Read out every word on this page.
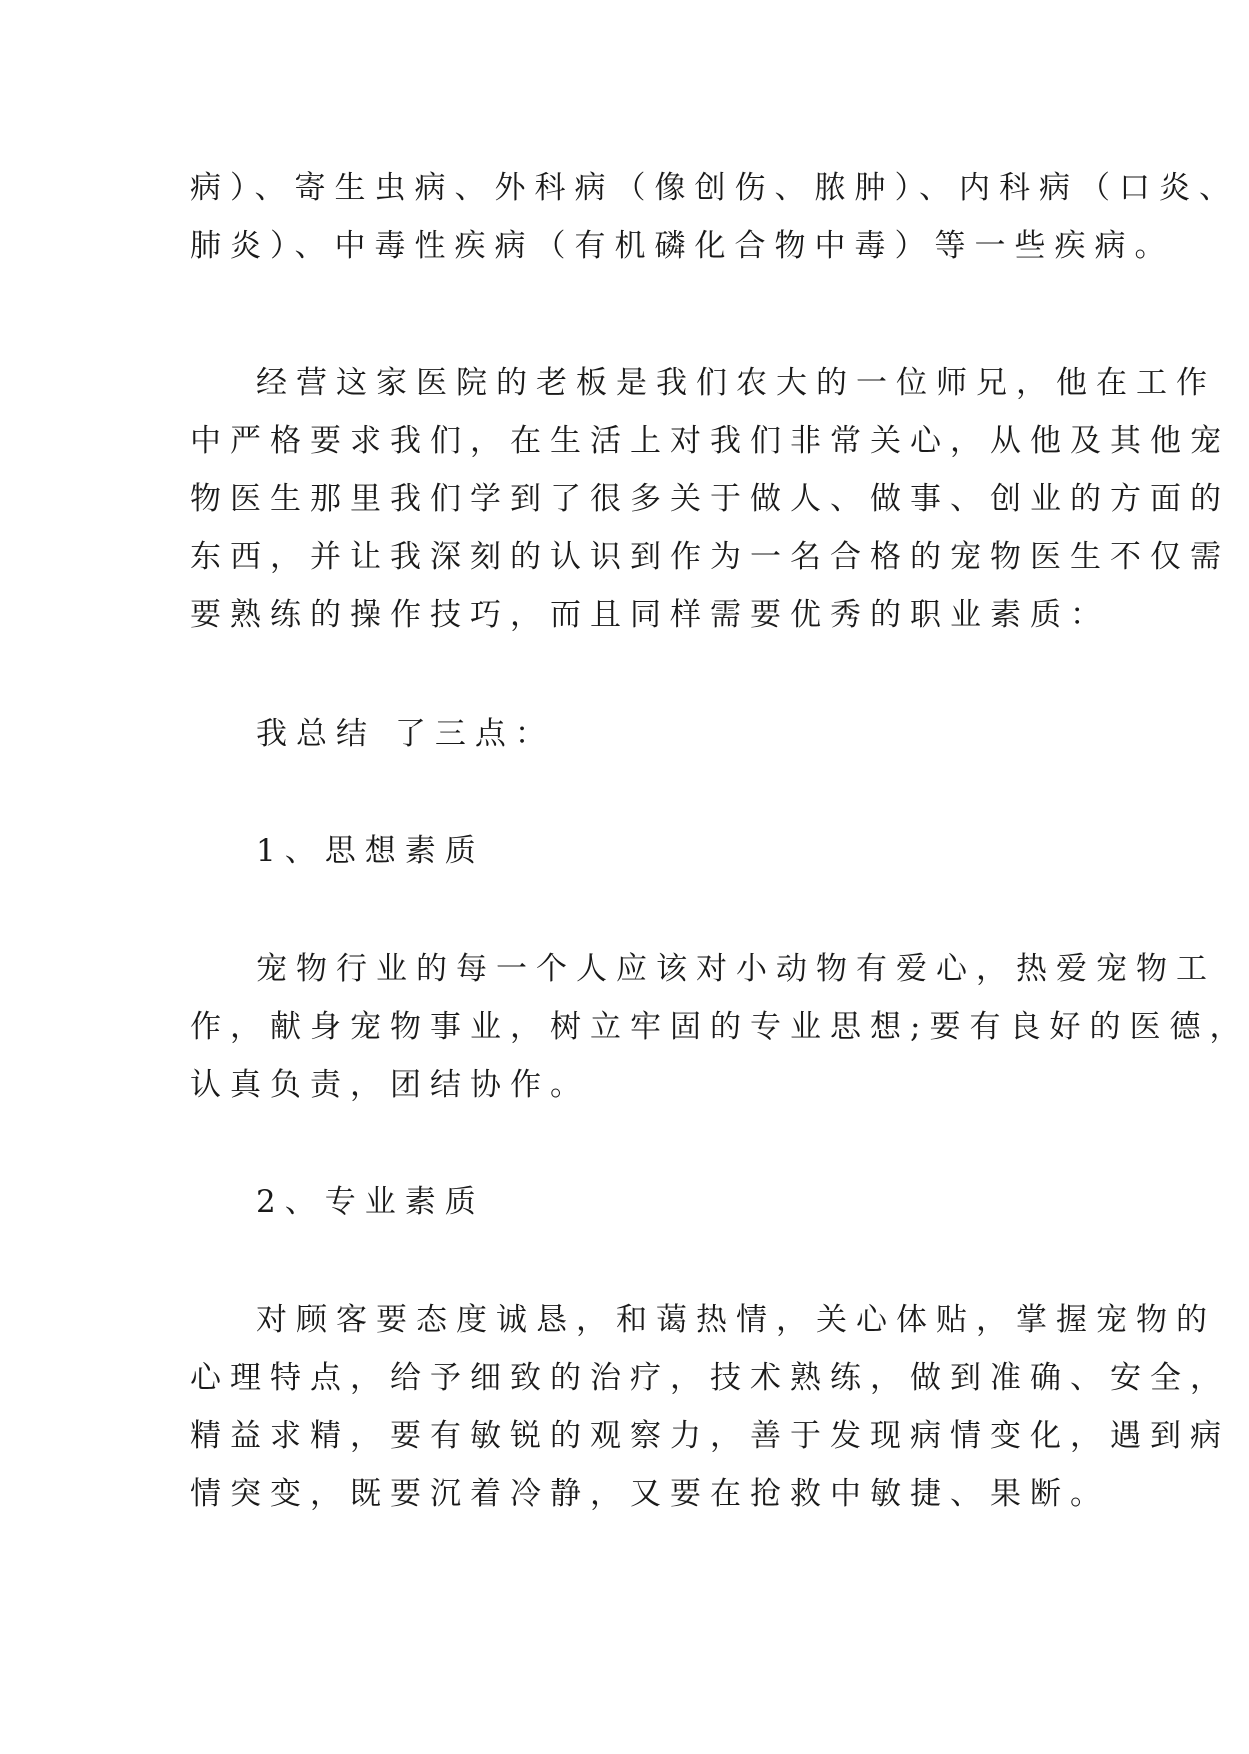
病）、寄生虫病、外科病（像创伤、脓肿）、内科病（口炎、
肺炎）、中毒性疾病（有机磷化合物中毒）等一些疾病。
经营这家医院的老板是我们农大的一位师兄，他在工作
中严格要求我们，在生活上对我们非常关心，从他及其他宠
物医生那里我们学到了很多关于做人、做事、创业的方面的
东西，并让我深刻的认识到作为一名合格的宠物医生不仅需
要熟练的操作技巧，而且同样需要优秀的职业素质：
我总结 了三点：
1、思想素质
宠物行业的每一个人应该对小动物有爱心，热爱宠物工
作，献身宠物事业，树立牢固的专业思想;要有良好的医德，
认真负责，团结协作。
2、专业素质
对顾客要态度诚恳，和蔼热情，关心体贴，掌握宠物的
心理特点，给予细致的治疗，技术熟练，做到准确、安全，
精益求精，要有敏锐的观察力，善于发现病情变化，遇到病
情突变，既要沉着冷静，又要在抢救中敏捷、果断。
